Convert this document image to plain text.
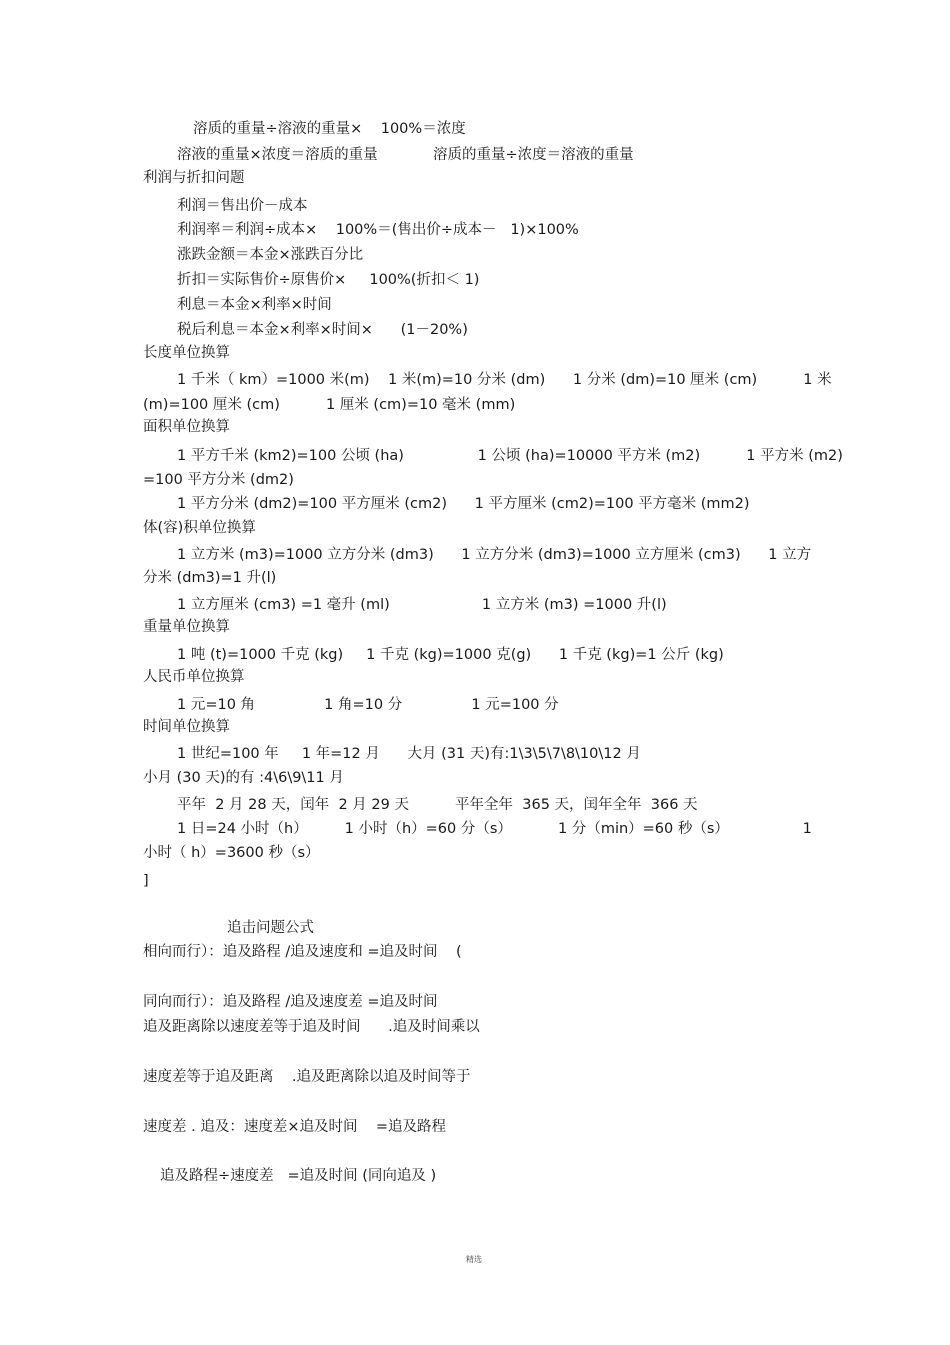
溶质的重量÷溶液的重量×    100%＝浓度
溶液的重量×浓度＝溶质的重量            溶质的重量÷浓度＝溶液的重量
利润与折扣问题
利润＝售出价－成本
利润率＝利润÷成本×    100%＝(售出价÷成本－   1)×100%
涨跌金额＝本金×涨跌百分比
折扣＝实际售价÷原售价×     100%(折扣＜ 1)
利息＝本金×利率×时间
税后利息＝本金×利率×时间×      (1－20%)
长度单位换算
1 千米（ km）=1000 米(m)    1 米(m)=10 分米 (dm)      1 分米 (dm)=10 厘米 (cm)          1 米
(m)=100 厘米 (cm)          1 厘米 (cm)=10 毫米 (mm)
面积单位换算
1 平方千米 (km2)=100 公顷 (ha)                1 公顷 (ha)=10000 平方米 (m2)          1 平方米 (m2)
=100 平方分米 (dm2)
1 平方分米 (dm2)=100 平方厘米 (cm2)      1 平方厘米 (cm2)=100 平方毫米 (mm2)
体(容)积单位换算
1 立方米 (m3)=1000 立方分米 (dm3)      1 立方分米 (dm3)=1000 立方厘米 (cm3)      1 立方
分米 (dm3)=1 升(l)
1 立方厘米 (cm3) =1 毫升 (ml)                    1 立方米 (m3) =1000 升(l)
重量单位换算
1 吨 (t)=1000 千克 (kg)     1 千克 (kg)=1000 克(g)      1 千克 (kg)=1 公斤 (kg)
人民币单位换算
1 元=10 角               1 角=10 分               1 元=100 分
时间单位换算
1 世纪=100 年     1 年=12 月      大月 (31 天)有:1\3\5\7\8\10\12 月
小月 (30 天)的有 :4\6\9\11 月
平年  2 月 28 天，闰年  2 月 29 天          平年全年  365 天，闰年全年  366 天
1 日=24 小时（h）        1 小时（h）=60 分（s）          1 分（min）=60 秒（s）                1
小时（ h）=3600 秒（s）
]
追击问题公式
相向而行）：追及路程 /追及速度和 =追及时间    (
同向而行）：追及路程 /追及速度差 =追及时间
追及距离除以速度差等于追及时间      .追及时间乘以
速度差等于追及距离    .追及距离除以追及时间等于
速度差 . 追及：速度差×追及时间    =追及路程
追及路程÷速度差   =追及时间 (同向追及 )
精选
